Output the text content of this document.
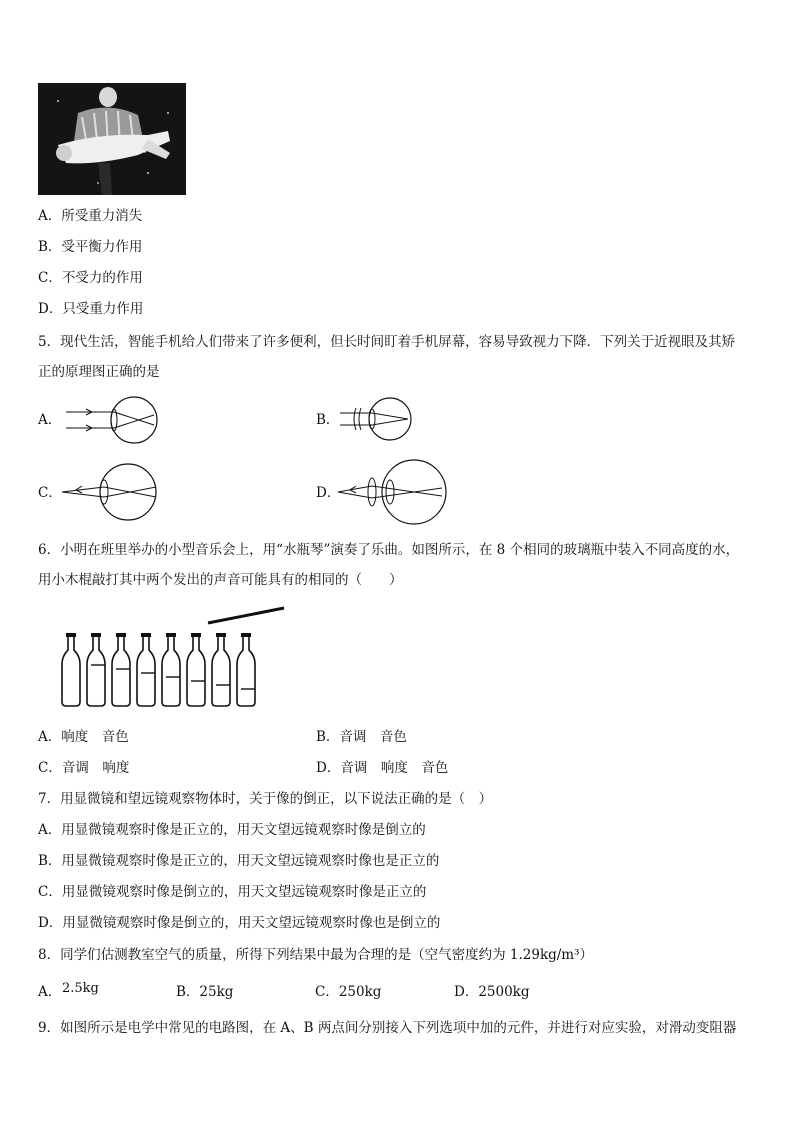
A．所受重力消失
B．受平衡力作用
C．不受力的作用
D．只受重力作用
5．现代生活，智能手机给人们带来了许多便利，但长时间盯着手机屏幕，容易导致视力下降．下列关于近视眼及其矫
正的原理图正确的是
A．	B．
C．	D．
6．小明在班里举办的小型音乐会上，用“水瓶琴”演奏了乐曲。如图所示，在 8 个相同的玻璃瓶中装入不同高度的水，
用小木棍敲打其中两个发出的声音可能具有的相同的（　　）
A．响度　音色	B．音调　音色
C．音调　响度	D．音调　响度　音色
7．用显微镜和望远镜观察物体时，关于像的倒正，以下说法正确的是（　）
A．用显微镜观察时像是正立的，用天文望远镜观察时像是倒立的
B．用显微镜观察时像是正立的，用天文望远镜观察时像也是正立的
C．用显微镜观察时像是倒立的，用天文望远镜观察时像是正立的
D．用显微镜观察时像是倒立的，用天文望远镜观察时像也是倒立的
8．同学们估测教室空气的质量，所得下列结果中最为合理的是（空气密度约为 1.29kg/m³）
A． 2.5kg	B．25kg	C．250kg	D．2500kg
9．如图所示是电学中常见的电路图，在 A、B 两点间分别接入下列选项中加的元件，并进行对应实验，对滑动变阻器
